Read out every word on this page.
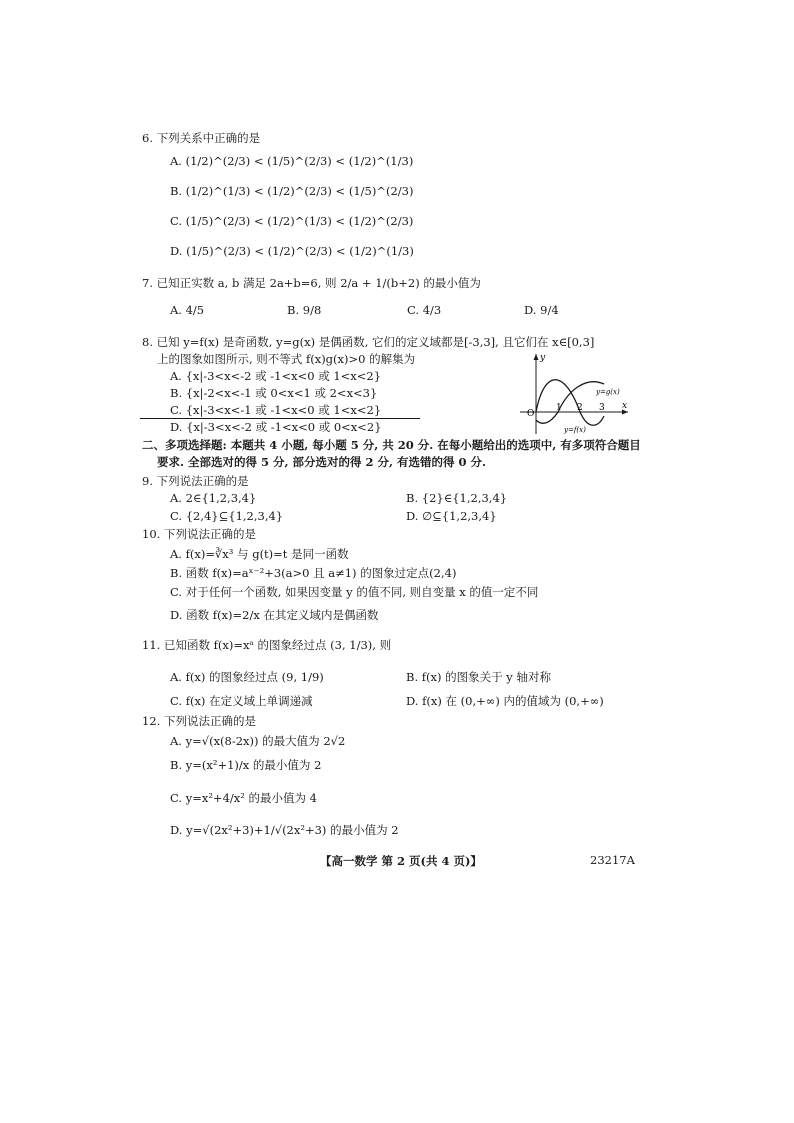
6. 下列关系中正确的是
A. (1/2)^(2/3) < (1/5)^(2/3) < (1/2)^(1/3)
B. (1/2)^(1/3) < (1/2)^(2/3) < (1/5)^(2/3)
C. (1/5)^(2/3) < (1/2)^(1/3) < (1/2)^(2/3)
D. (1/5)^(2/3) < (1/2)^(2/3) < (1/2)^(1/3)
7. 已知正实数 a, b 满足 2a+b=6, 则 2/a + 1/(b+2) 的最小值为
A. 4/5	B. 9/8	C. 4/3	D. 9/4
8. 已知 y=f(x) 是奇函数, y=g(x) 是偶函数, 它们的定义域都是[-3,3], 且它们在 x∈[0,3]
上的图象如图所示, 则不等式 f(x)g(x)>0 的解集为
A. {x|-3<x<-2 或 -1<x<0 或 1<x<2}
B. {x|-2<x<-1 或 0<x<1 或 2<x<3}
C. {x|-3<x<-1 或 -1<x<0 或 1<x<2}
D. {x|-3<x<-2 或 -1<x<0 或 0<x<2}
y
x
O
1 2 3
y=g(x)
y=f(x)
二、多项选择题: 本题共 4 小题, 每小题 5 分, 共 20 分. 在每小题给出的选项中, 有多项符合题目
要求. 全部选对的得 5 分, 部分选对的得 2 分, 有选错的得 0 分.
9. 下列说法正确的是
A. 2∈{1,2,3,4}	B. {2}∈{1,2,3,4}
C. {2,4}⊆{1,2,3,4}	D. ∅⊆{1,2,3,4}
10. 下列说法正确的是
A. f(x)=∛x³ 与 g(t)=t 是同一函数
B. 函数 f(x)=aˣ⁻²+3(a>0 且 a≠1) 的图象过定点(2,4)
C. 对于任何一个函数, 如果因变量 y 的值不同, 则自变量 x 的值一定不同
D. 函数 f(x)=2/x 在其定义域内是偶函数
11. 已知函数 f(x)=xᵃ 的图象经过点 (3, 1/3), 则
A. f(x) 的图象经过点 (9, 1/9)	B. f(x) 的图象关于 y 轴对称
C. f(x) 在定义域上单调递减	D. f(x) 在 (0,+∞) 内的值域为 (0,+∞)
12. 下列说法正确的是
A. y=√(x(8-2x)) 的最大值为 2√2
B. y=(x²+1)/x 的最小值为 2
C. y=x²+4/x² 的最小值为 4
D. y=√(2x²+3)+1/√(2x²+3) 的最小值为 2
【高一数学 第 2 页(共 4 页)】	23217A
